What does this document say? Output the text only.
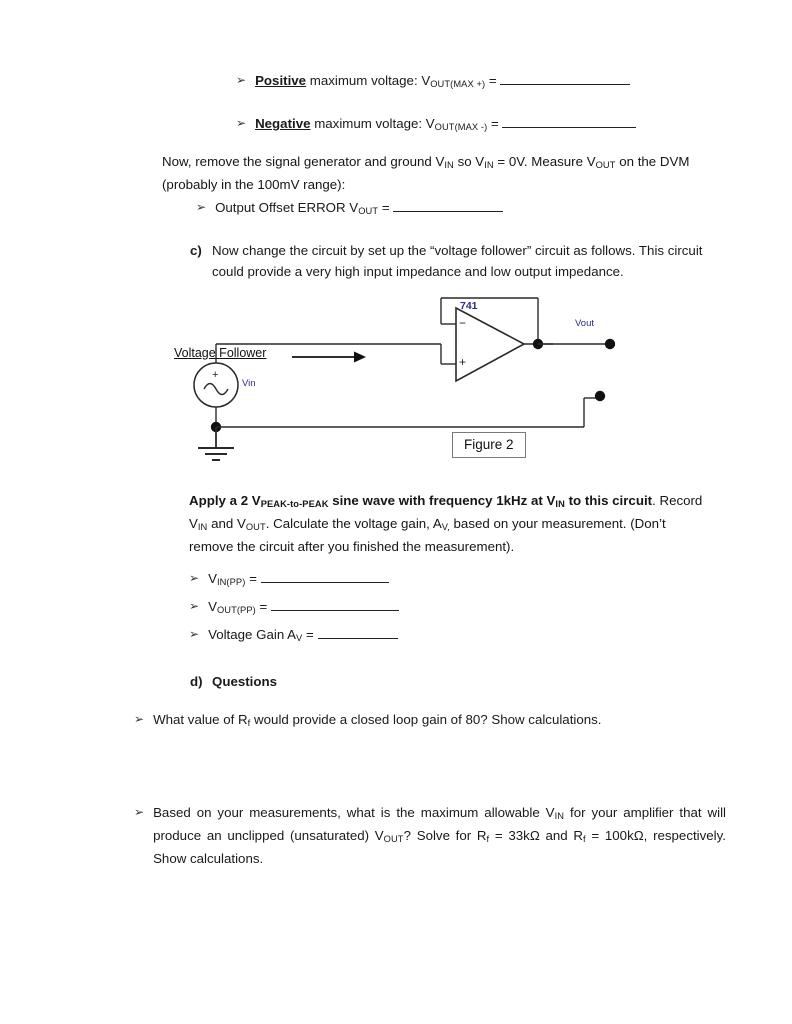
➢ Positive maximum voltage: $V_{OUT(MAX +)}$ =
➢ Negative maximum voltage: $V_{OUT(MAX -)}$ =
Now, remove the signal generator and ground $V_{IN}$ so $V_{IN} = 0V$. Measure $V_{OUT}$ on the DVM (probably in the 100mV range):
➢ Output Offset ERROR $V_{OUT}$ =
c) Now change the circuit by set up the “voltage follower” circuit as follows. This circuit could provide a very high input impedance and low output impedance.
Voltage Follower
−
+
+
741
Vin
Vout
Figure 2
Apply a 2 $V_{PEAK-to-PEAK}$ sine wave with frequency 1kHz at $V_{IN}$ to this circuit. Record $V_{IN}$ and $V_{OUT}$. Calculate the voltage gain, $A_{V,}$ based on your measurement. (Don’t remove the circuit after you finished the measurement).
➢ $V_{IN(PP)}$ =
➢ $V_{OUT(PP)}$ =
➢ Voltage Gain $A_V$ =
d) Questions
➢ What value of $R_f$ would provide a closed loop gain of 80? Show calculations.
➢ Based on your measurements, what is the maximum allowable $V_{IN}$ for your amplifier that will produce an unclipped (unsaturated) $V_{OUT}$? Solve for $R_f = 33k\Omega$ and $R_f = 100k\Omega$, respectively. Show calculations.
